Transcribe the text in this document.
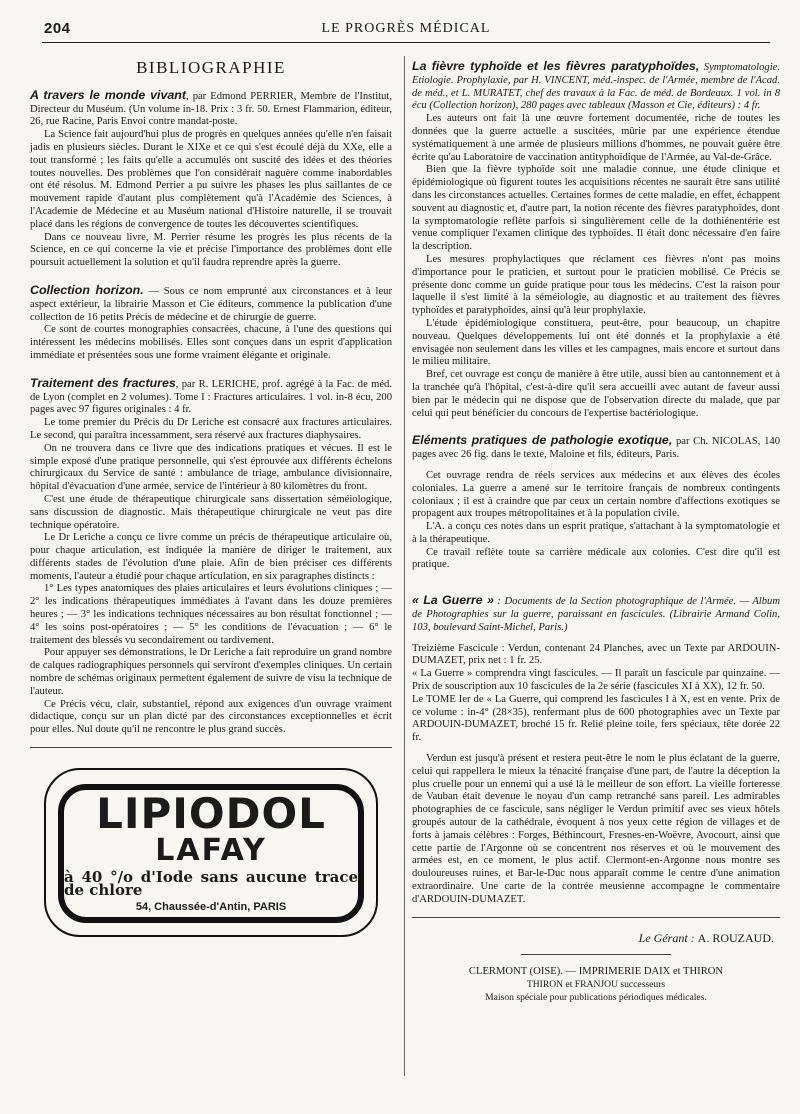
204	LE PROGRÈS MÉDICAL
BIBLIOGRAPHIE

A travers le monde vivant, par Edmond PERRIER, Membre de l'Institut, Directeur du Muséum. (Un volume in-18. Prix : 3 fr. 50. Ernest Flammarion, éditeur, 26, rue Racine, Paris Envoi contre mandat-poste.

La Science fait aujourd'hui plus de progrès en quelques années qu'elle n'en faisait jadis en plusieurs siècles. Durant le XIXe et ce qui s'est écoulé déjà du XXe, elle a tout transformé ; les faits qu'elle a accumulés ont suscité des idées et des théories toutes nouvelles. Des problèmes que l'on considérait naguère comme inabordables ont été résolus. M. Edmond Perrier a pu suivre les phases les plus saillantes de ce mouvement rapide d'autant plus complètement qu'à l'Académie des Sciences, à l'Academie de Médecine et au Muséum national d'Histoire naturelle, il se trouvait placé dans les régions de convergence de toutes les découvertes scientifiques.

Dans ce nouveau livre, M. Perrier résume les progrès les plus récents de la Science, en ce qui concerne la vie et précise l'importance des problèmes dont elle poursuit actuellement la solution et qu'il faudra reprendre après la guerre.

Collection horizon. — Sous ce nom emprunté aux circonstances et à leur aspect extérieur, la librairie Masson et Cie éditeurs, commence la publication d'une collection de 16 petits Précis de médecine et de chirurgie de guerre.

Ce sont de courtes monographies consacrées, chacune, à l'une des questions qui intéressent les médecins mobilisés. Elles sont conçues dans un esprit d'application immédiate et présentées sous une forme vraiment élégante et originale.

Traitement des fractures, par R. LERICHE, prof. agrégé à la Fac. de méd. de Lyon (complet en 2 volumes). Tome I : Fractures articulaires. 1 vol. in-8 écu, 200 pages avec 97 figures originales : 4 fr.

Le tome premier du Précis du Dr Leriche est consacré aux fractures articulaires. Le second, qui paraîtra incessamment, sera réservé aux fractures diaphysaires.

On ne trouvera dans ce livre que des indications pratiques et vécues. Il est le simple exposé d'une pratique personnelle, qui s'est éprouvée aux différents échelons chirurgicaux du Service de santé : ambulance de triage, ambulance divisionnaire, hôpital d'évacuation d'une armée, service de l'intérieur à 80 kilomètres du front.

C'est une étude de thérapeutique chirurgicale sans dissertation séméiologique, sans discussion de diagnostic. Mais thérapeutique chirurgicale ne veut pas dire technique opératoire.

Le Dr Leriche a conçu ce livre comme un précis de thérapeutique articulaire où, pour chaque articulation, est indiquée la manière de diriger le traitement, aux différents stades de l'évolution d'une plaie. Afin de bien préciser ces différents moments, l'auteur a étudié pour chaque articulation, en six paragraphes distincts :

1° Les types anatomiques des plaies articulaires et leurs évolutions cliniques ; — 2° les indications thérapeutiques immédiates à l'avant dans les douze premières heures ; — 3° les indications techniques nécessaires au bon résultat fonctionnel ; — 4° les soins post-opératoires ; — 5° les conditions de l'évacuation ; — 6° le traitement des blessés vu secondairement ou tardivement.

Pour appuyer ses démonstrations, le Dr Leriche a fait reproduire un grand nombre de calques radiographiques personnels qui serviront d'exemples cliniques. Un certain nombre de schémas originaux permettent également de suivre de visu la technique de l'auteur.

Ce Précis vécu, clair, substantiel, répond aux exigences d'un ouvrage vraiment didactique, conçu sur un plan dicté par des circonstances exceptionnelles et écrit pour elles. Nul doute qu'il ne rencontre le plus grand succès.

LIPIODOL
LAFAY
à 40 °/o d'Iode sans aucune trace de chlore
54, Chaussée-d'Antin, PARIS

La fièvre typhoïde et les fièvres paratyphoïdes, Symptomatologie. Etiologie. Prophylaxie, par H. VINCENT, méd.-inspec. de l'Armée, membre de l'Acad. de méd., et L. MURATET, chef des travaux à la Fac. de méd. de Bordeaux. 1 vol. in 8 écu (Collection horizon), 280 pages avec tableaux (Masson et Cie, éditeurs) : 4 fr.

Les auteurs ont fait là une œuvre fortement documentée, riche de toutes les données que la guerre actuelle a suscitées, mûrie par une expérience étendue systématiquement à une armée de plusieurs millions d'hommes, ne pouvait guère être écrite qu'au Laboratoire de vaccination antityphoïdique de l'Armée, au Val-de-Grâce.

Bien que la fièvre typhoïde soit une maladie connue, une étude clinique et épidémiologique où figurent toutes les acquisitions récentes ne saurait être sans utilité dans les circonstances actuelles. Certaines formes de cette maladie, en effet, échappent souvent au diagnostic et, d'autre part, la notion récente des fièvres paratyphoïdes, dont la symptomatologie reflète parfois si singulièrement celle de la dothiénentérie est venue compliquer l'examen clinique des typhoïdes. Il était donc nécessaire d'en faire la description.

Les mesures prophylactiques que réclament ces fièvres n'ont pas moins d'importance pour le praticien, et surtout pour le praticien mobilisé. Ce Précis se présente donc comme un guide pratique pour tous les médecins. C'est la raison pour laquelle il s'est limité à la séméiologie, au diagnostic et au traitement des fièvres typhoïdes et paratyphoïdes, ainsi qu'à leur prophylaxie.

L'étude épidémiologique constituera, peut-être, pour beaucoup, un chapitre nouveau. Quelques développements lui ont été donnés et la prophylaxie a été envisagée non seulement dans les villes et les campagnes, mais encore et surtout dans le milieu militaire.

Bref, cet ouvrage est conçu de manière à être utile, aussi bien au cantonnement et à la tranchée qu'à l'hôpital, c'est-à-dire qu'il sera accueilli avec autant de faveur aussi bien par le médecin qui ne dispose que de l'observation directe du malade, que par celui qui peut bénéficier du concours de l'expertise bactériologique.

Eléments pratiques de pathologie exotique, par Ch. NICOLAS, 140 pages avec 26 fig. dans le texte, Maloine et fils, éditeurs, Paris.

Cet ouvrage rendra de réels services aux médecins et aux élèves des écoles coloniales. La guerre a amené sur le territoire français de nombreux contingents coloniaux ; il est à craindre que par ceux un certain nombre d'affections exotiques se propagent aux troupes métropolitaines et à la population civile.

L'A. a conçu ces notes dans un esprit pratique, s'attachant à la symptomatologie et à la thérapeutique.

Ce travail reflète toute sa carrière médicale aux colonies. C'est dire qu'il est pratique.

« La Guerre » : Documents de la Section photographique de l'Armée. — Album de Photographies sur la guerre, paraissant en fascicules. (Librairie Armand Colin, 103, boulevard Saint-Michel, Paris.)

Treizième Fascicule : Verdun, contenant 24 Planches, avec un Texte par ARDOUIN-DUMAZET, prix net : 1 fr. 25.

« La Guerre » comprendra vingt fascicules. — Il paraît un fascicule par quinzaine. — Prix de souscription aux 10 fascicules de la 2e série (fascicules XI à XX), 12 fr. 50.

Le TOME Ier de « La Guerre, qui comprend les fascicules I à X, est en vente. Prix de ce volume : in-4° (28×35), renfermant plus de 600 photographies avec un Texte par ARDOUIN-DUMAZET, broché 15 fr. Relié pleine toile, fers spéciaux, tête dorée 22 fr.

Verdun est jusqu'à présent et restera peut-être le nom le plus éclatant de la guerre, celui qui rappellera le mieux la ténacité française d'une part, de l'autre la déception la plus cruelle pour un ennemi qui a usé là le meilleur de son effort. La vieille forteresse de Vauban était devenue le noyau d'un camp retranché sans pareil. Les admirables photographies de ce fascicule, sans négliger le Verdun primitif avec ses vieux hôtels groupés autour de la cathédrale, évoquent à nos yeux cette région de villages et de forts à jamais célèbres : Forges, Béthincourt, Fresnes-en-Woëvre, Avocourt, ainsi que cette partie de l'Argonne où se concentrent nos réserves et où le mouvement des armées est, en ce moment, le plus actif. Clermont-en-Argonne nous montre ses douloureuses ruines, et Bar-le-Duc nous apparaît comme le centre d'une animation extraordinaire. Une carte de la contrée meusienne accompagne le commentaire d'ARDOUIN-DUMAZET.

Le Gérant : A. ROUZAUD.
CLERMONT (OISE). — IMPRIMERIE DAIX et THIRON
THIRON et FRANJOU successeurs
Maison spéciale pour publications périodiques médicales.
